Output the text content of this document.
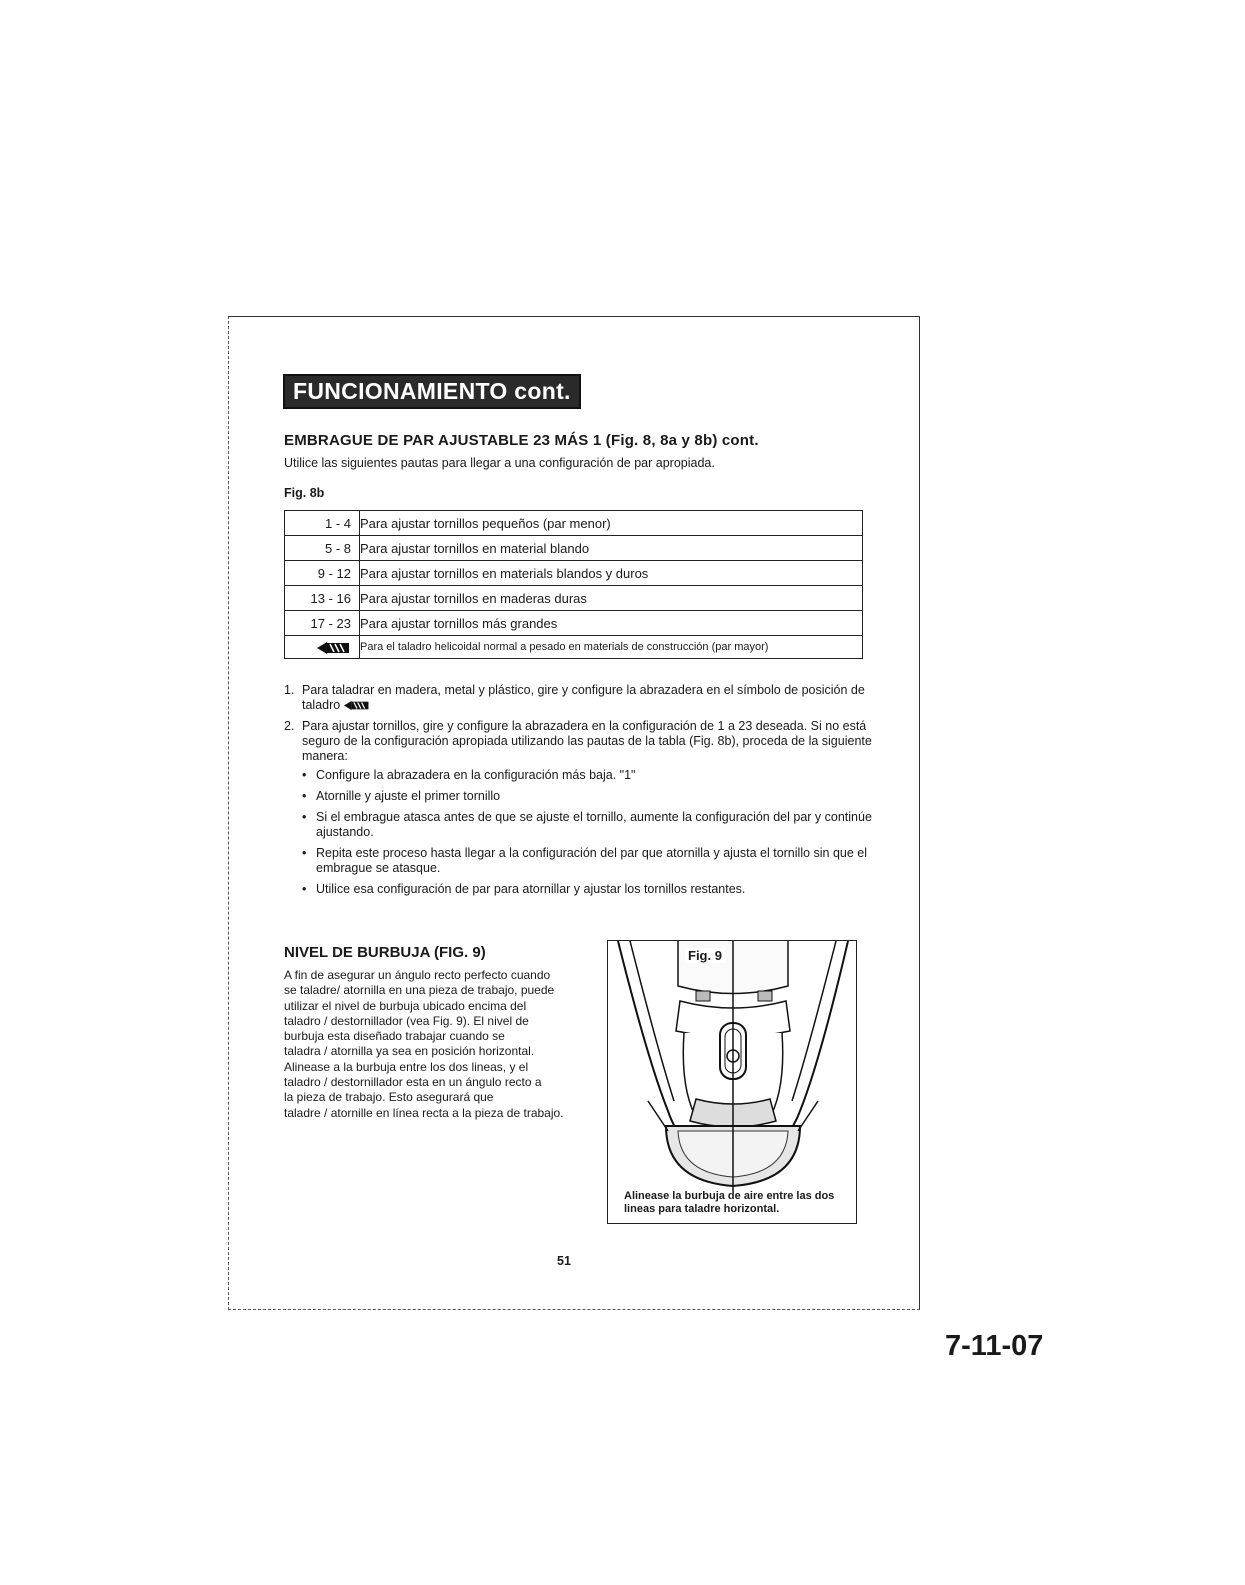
FUNCIONAMIENTO cont.
EMBRAGUE DE PAR AJUSTABLE 23 MÁS 1 (Fig. 8, 8a y 8b) cont.
Utilice las siguientes pautas para llegar a una configuración de par apropiada.
Fig. 8b
1 - 4	Para ajustar tornillos pequeños (par menor)
5 - 8	Para ajustar tornillos en material blando
9 - 12	Para ajustar tornillos en materials blandos y duros
13 - 16	Para ajustar tornillos en maderas duras
17 - 23	Para ajustar tornillos más grandes
	Para el taladro helicoidal normal a pesado en materials de construcción (par mayor)
1. Para taladrar en madera, metal y plástico, gire y configure la abrazadera en el símbolo de posición de taladro
2. Para ajustar tornillos, gire y configure la abrazadera en la configuración de 1 a 23 deseada. Si no está seguro de la configuración apropiada utilizando las pautas de la tabla (Fig. 8b), proceda de la siguiente manera:
• Configure la abrazadera en la configuración más baja. "1"
• Atornille y ajuste el primer tornillo
• Si el embrague atasca antes de que se ajuste el tornillo, aumente la configuración del par y continúe ajustando.
• Repita este proceso hasta llegar a la configuración del par que atornilla y ajusta el tornillo sin que el embrague se atasque.
• Utilice esa configuración de par para atornillar y ajustar los tornillos restantes.
NIVEL DE BURBUJA (FIG. 9)
A fin de asegurar un ángulo recto perfecto cuando
se taladre/ atornilla en una pieza de trabajo, puede
utilizar el nivel de burbuja ubicado encima del
taladro / destornillador (vea Fig. 9). El nivel de
burbuja esta diseñado trabajar cuando se
taladra / atornilla ya sea en posición horizontal.
Alinease a la burbuja entre los dos lineas, y el
taladro / destornillador esta en un ángulo recto a
la pieza de trabajo. Esto asegurará que
taladre / atornille en línea recta a la pieza de trabajo.
Fig. 9
Alinease la burbuja de aire entre las dos lineas para taladre horizontal.
51
7-11-07
